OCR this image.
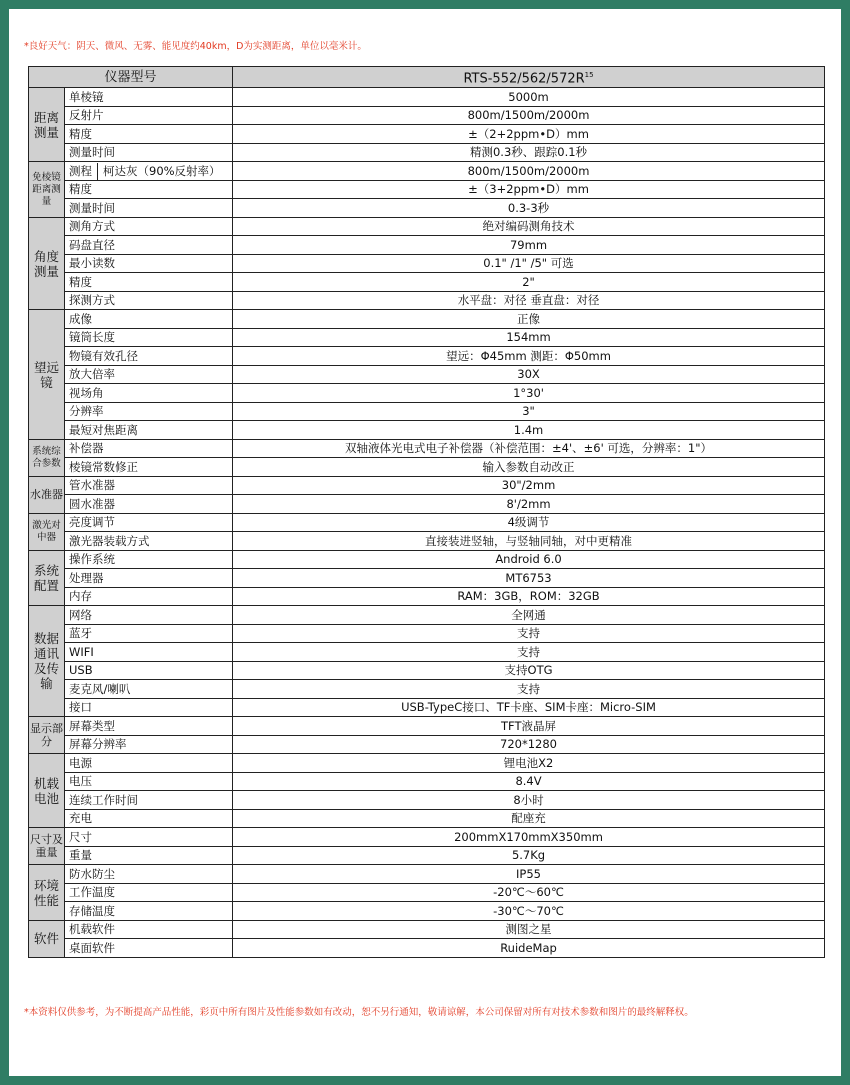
*良好天气：阴天、微风、无雾、能见度约40km，D为实测距离，单位以毫米计。
仪器型号		RTS-$552/562/572R^{15}$
距离测量	单棱镜	5000m
	反射片	800m/1500m/2000m
	精度	±（2+2ppm•D）mm
	测量时间	精测0.3秒、跟踪0.1秒
免棱镜距离测量	测程 柯达灰（90%反射率）	800m/1500m/2000m
	精度	±（3+2ppm•D）mm
	测量时间	0.3-3秒
角度测量	测角方式	绝对编码测角技术
	码盘直径	79mm
	最小读数	0.1" /1" /5" 可选
	精度	2"
	探测方式	水平盘：对径 垂直盘：对径
望远镜	成像	正像
	镜筒长度	154mm
	物镜有效孔径	望远：Φ45mm 测距：Φ50mm
	放大倍率	30X
	视场角	1°30'
	分辨率	3"
	最短对焦距离	1.4m
系统综合参数	补偿器	双轴液体光电式电子补偿器（补偿范围：±4'、±6' 可选，分辨率：1"）
	棱镜常数修正	输入参数自动改正
水准器	管水准器	30"/2mm
	圆水准器	8'/2mm
激光对中器	亮度调节	4级调节
	激光器装载方式	直接装进竖轴，与竖轴同轴，对中更精准
系统配置	操作系统	Android 6.0
	处理器	MT6753
	内存	RAM：3GB，ROM：32GB
数据通讯及传输	网络	全网通
	蓝牙	支持
	WIFI	支持
	USB	支持OTG
	麦克风/喇叭	支持
	接口	USB-TypeC接口、TF卡座、SIM卡座：Micro-SIM
显示部分	屏幕类型	TFT液晶屏
	屏幕分辨率	720*1280
机载电池	电源	锂电池X2
	电压	8.4V
	连续工作时间	8小时
	充电	配座充
尺寸及重量	尺寸	200mmX170mmX350mm
	重量	5.7Kg
环境性能	防水防尘	IP55
	工作温度	-20℃～60℃
	存储温度	-30℃～70℃
软件	机载软件	测图之星
	桌面软件	RuideMap
*本资料仅供参考，为不断提高产品性能，彩页中所有图片及性能参数如有改动，恕不另行通知，敬请谅解，本公司保留对所有对技术参数和图片的最终解释权。
